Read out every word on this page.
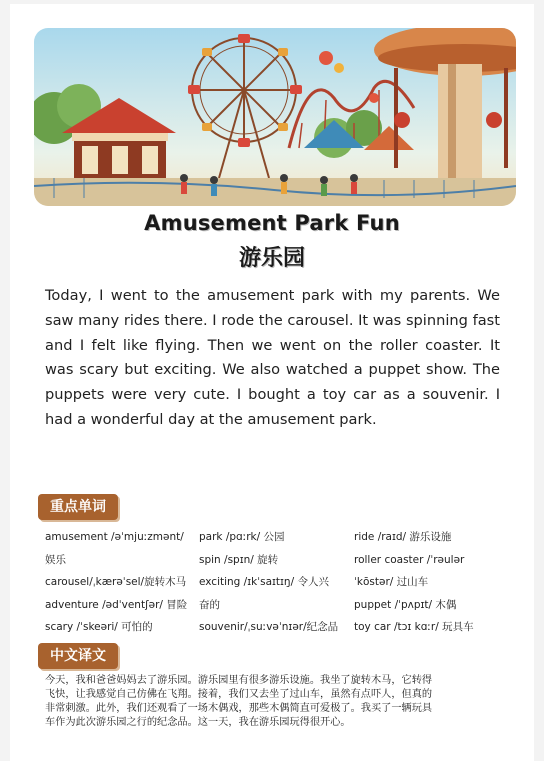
Amusement Park Fun
游乐园
Today, I went to the amusement park with my parents. We saw many rides there. I rode the carousel. It was spinning fast and I felt like flying. Then we went on the roller coaster. It was scary but exciting. We also watched a puppet show. The puppets were very cute. I bought a toy car as a souvenir. I had a wonderful day at the amusement park.
重点单词
amusement /əˈmjuːzmənt/
娱乐
carousel/ˌkærəˈsel/旋转木马
adventure /ədˈventʃər/ 冒险
scary /ˈskeəri/ 可怕的
park /pɑːrk/ 公园
spin /spɪn/ 旋转
exciting /ɪkˈsaɪtɪŋ/ 令人兴
奋的
souvenir/ˌsuːvəˈnɪər/纪念品
ride /raɪd/ 游乐设施
roller coaster /ˈrəulər
ˈkōstər/ 过山车
puppet /ˈpʌpɪt/ 木偶
toy car /tɔɪ kɑːr/ 玩具车
中文译文
今天，我和爸爸妈妈去了游乐园。游乐园里有很多游乐设施。我坐了旋转木马，它转得飞快，让我感觉自己仿佛在飞翔。接着，我们又去坐了过山车，虽然有点吓人，但真的非常刺激。此外，我们还观看了一场木偶戏，那些木偶简直可爱极了。我买了一辆玩具车作为此次游乐园之行的纪念品。这一天，我在游乐园玩得很开心。
